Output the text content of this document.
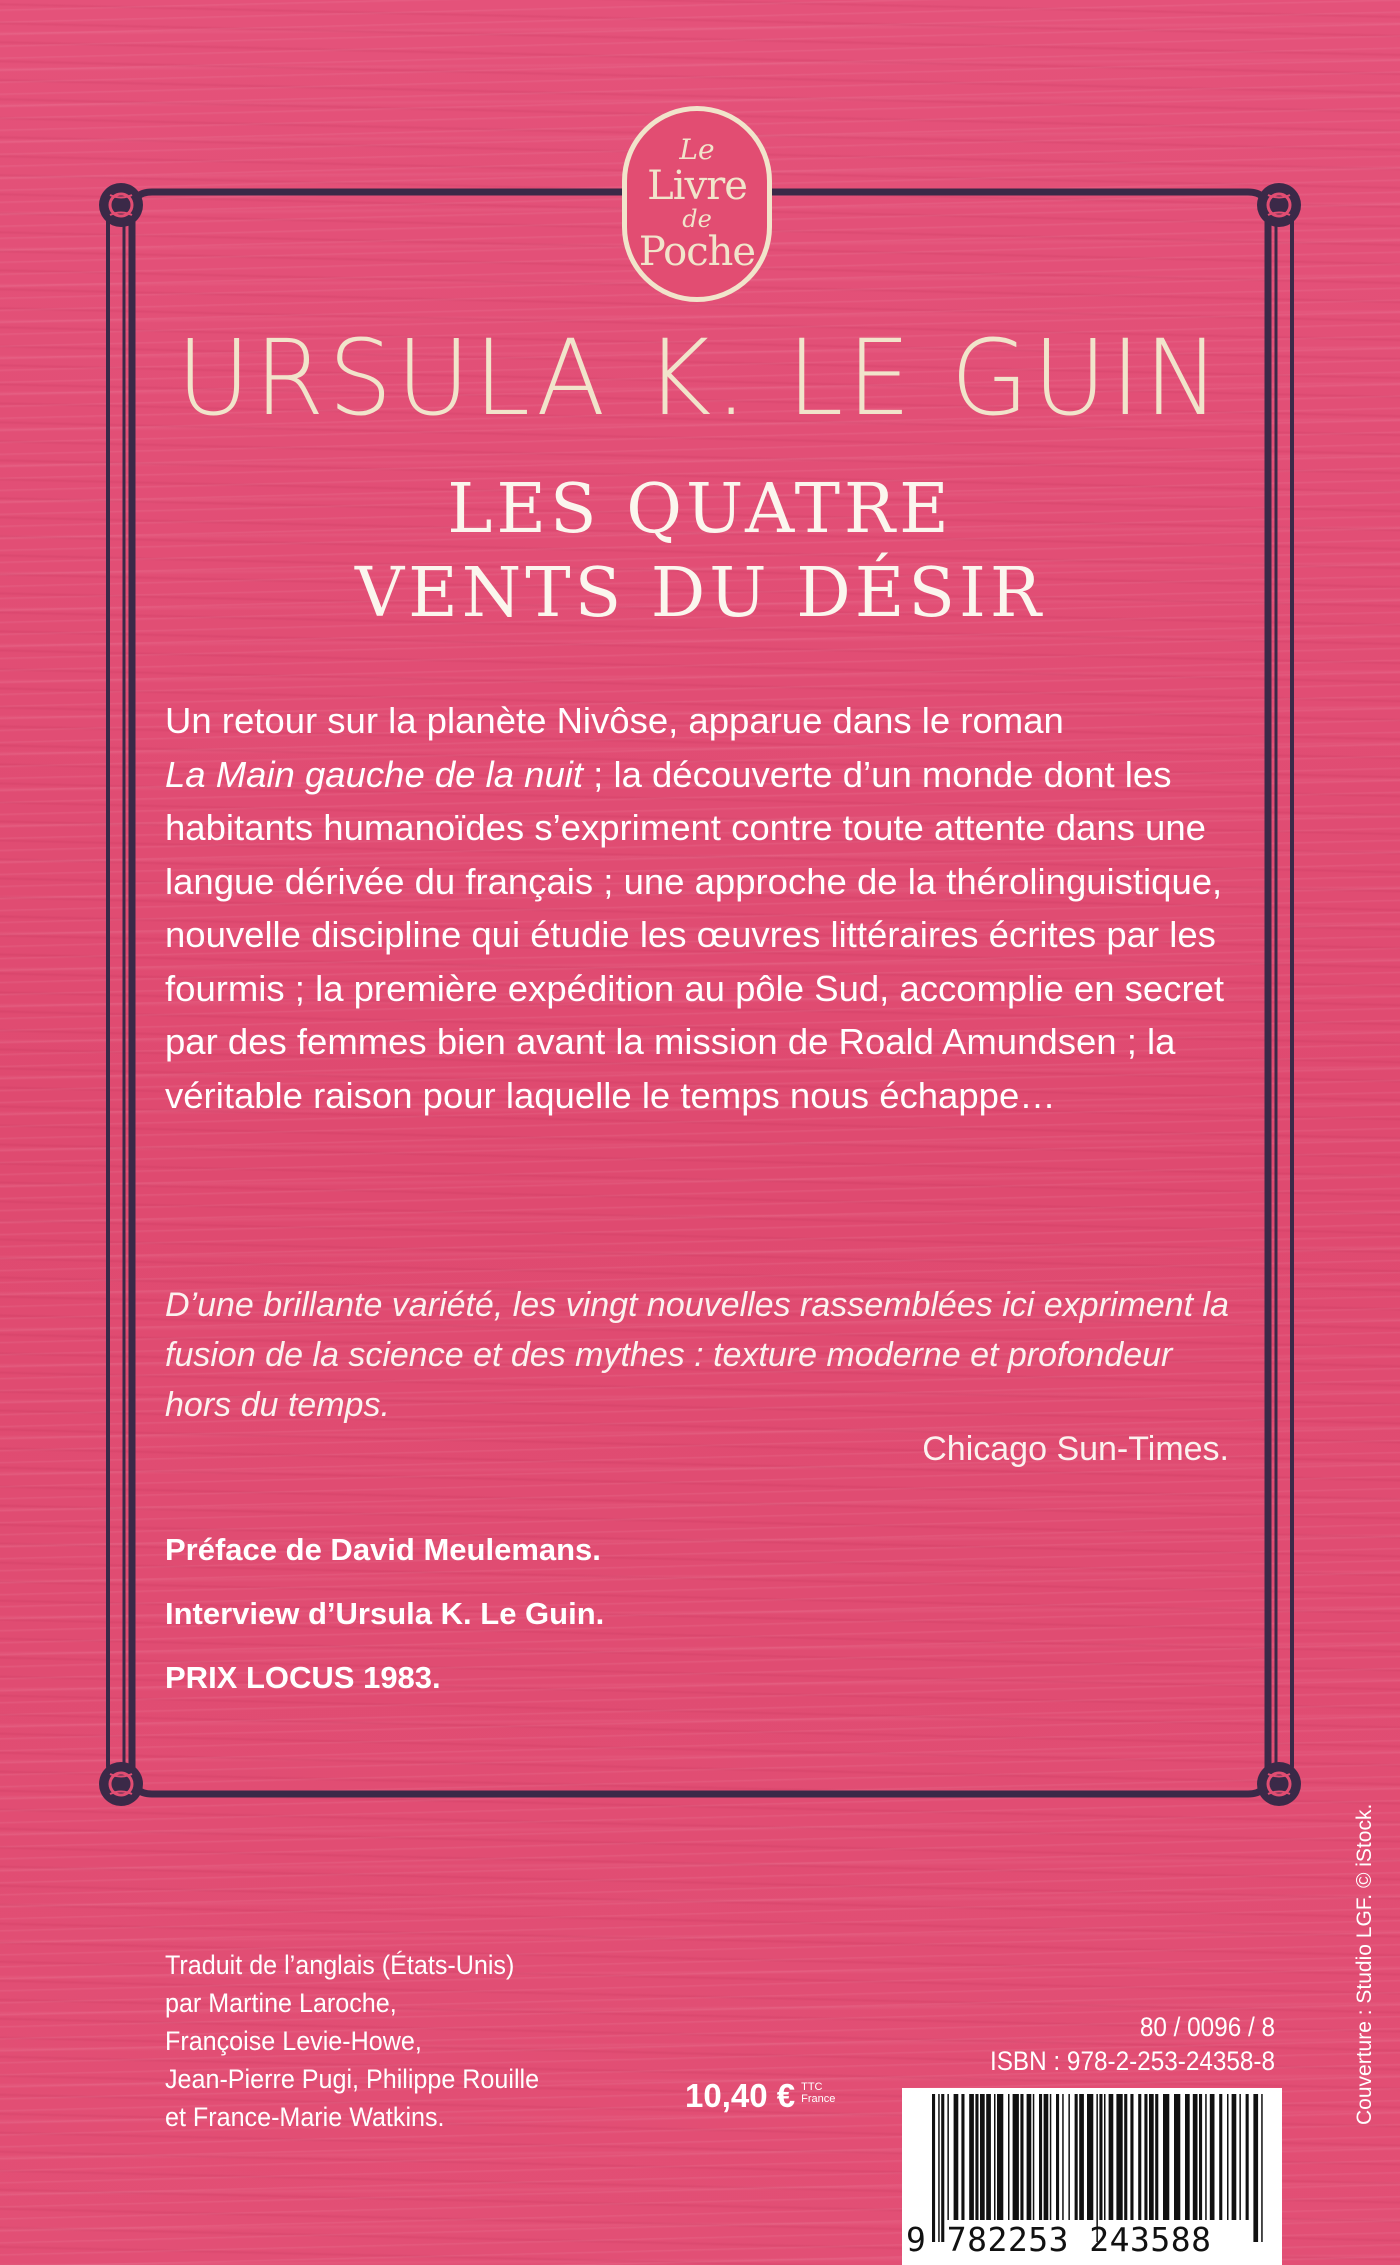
Le
Livre
de
Poche
URSULA K. LE GUIN
LES QUATRE
VENTS DU DÉSIR

Un retour sur la planète Nivôse, apparue dans le roman
La Main gauche de la nuit ; la découverte d’un monde dont les habitants humanoïdes s’expriment contre toute attente dans une langue dérivée du français ; une approche de la thérolinguistique, nouvelle discipline qui étudie les œuvres littéraires écrites par les fourmis ; la première expédition au pôle Sud, accomplie en secret par des femmes bien avant la mission de Roald Amundsen ; la véritable raison pour laquelle le temps nous échappe…

D’une brillante variété, les vingt nouvelles rassemblées ici expriment la fusion de la science et des mythes : texture moderne et profondeur hors du temps.
Chicago Sun-Times.
Préface de David Meulemans.
Interview d’Ursula K. Le Guin.
PRIX LOCUS 1983.
Traduit de l’anglais (États-Unis)
par Martine Laroche,
Françoise Levie-Howe,
Jean-Pierre Pugi, Philippe Rouille
et France-Marie Watkins.
10,40 € TTC
France
80 / 0096 / 8
ISBN : 978-2-253-24358-8
9 782253 243588
Couverture : Studio LGF. © iStock.
